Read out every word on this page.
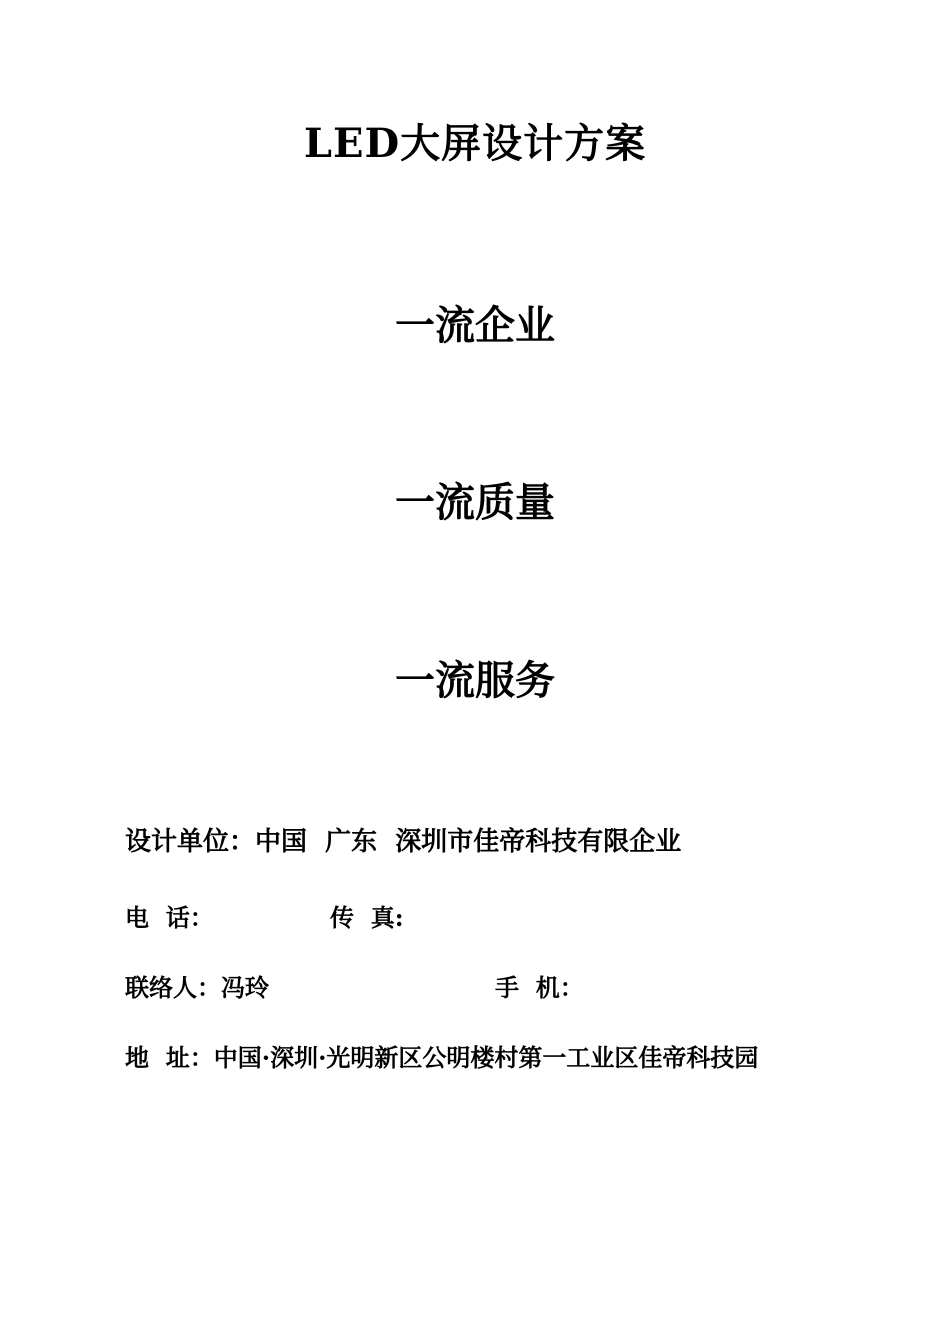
LED大屏设计方案
一流企业
一流质量
一流服务
设计单位：中国  广东  深圳市佳帝科技有限企业
电  话：	传  真:
联络人：冯玲	手  机：
地  址：中国·深圳·光明新区公明楼村第一工业区佳帝科技园
